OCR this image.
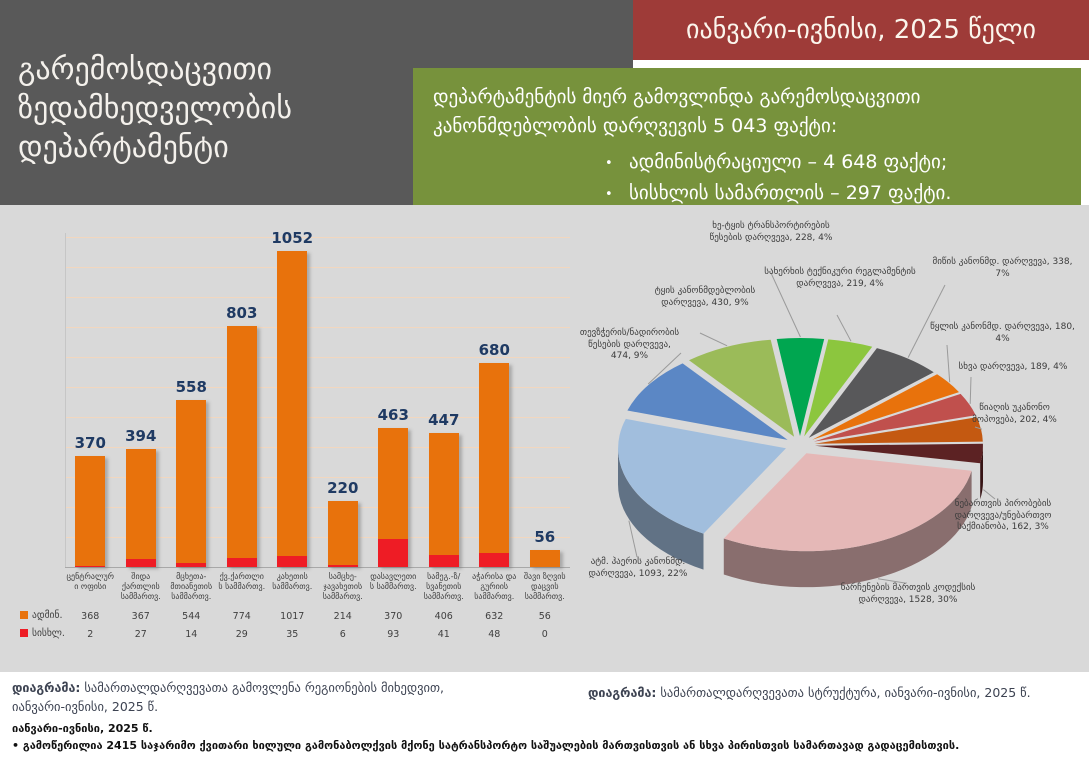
გარემოსდაცვითი
ზედამხედველობის
დეპარტამენტი
იანვარი-ივნისი, 2025 წელი

დეპარტამენტის მიერ გამოვლინდა გარემოსდაცვითი კანონმდებლობის დარღვევის 5 043 ფაქტი:

• ადმინისტრაციული – 4 648 ფაქტი;
• სისხლის სამართლის – 297 ფაქტი.
370
ცენტრალური ოფისი
368
2
394
შიდა ქართლის სამმართვ.
367
27
558
მცხეთა-მთიანეთის სამმართვ.
544
14
803
ქვ.ქართლის სამმართვ.
774
29
1052
კახეთის სამმართვ.
1017
35
220
სამცხე-ჯავახეთის სამმართვ.
214
6
463
დასავლეთის სამმართვ.
370
93
447
სამეგ.-ზ/სვანეთის სამმართვ.
406
41
680
აჭარისა და გურიის სამმართვ.
632
48
56
შავი ზღვის დაცვის სამმართვ.
56
0
ადმინ.
სისხლ.
ხე-ტყის ტრანსპორტირების წესების დარღვევა, 228, 4%
სახერხის ტექნიკური რეგლამენტის დარღვევა, 219, 4%
მიწის კანონმდ. დარღვევა, 338, 7%
წყლის კანონმდ. დარღვევა, 180, 4%
სხვა დარღვევა, 189, 4%
წიაღის უკანონო მოპოვება, 202, 4%
ნებართვის პირობების დარღვევა/უნებართვო საქმიანობა, 162, 3%
ნარჩენების მართვის კოდექსის დარღვევა, 1528, 30%
ატმ. ჰაერის კანონმდ. დარღვევა, 1093, 22%
თევზჭერის/ნადირობის წესების დარღვევა, 474, 9%
ტყის კანონმდებლობის დარღვევა, 430, 9%

დიაგრამა: სამართალდარღვევათა გამოვლენა რეგიონების მიხედვით, იანვარი-ივნისი, 2025 წ.

დიაგრამა: სამართალდარღვევათა სტრუქტურა, იანვარი-ივნისი, 2025 წ.

იანვარი-ივნისი, 2025 წ.

• გამოწერილია 2415 საჯარიმო ქვითარი ხილული გამონაბოლქვის მქონე სატრანსპორტო საშუალების მართვისთვის ან სხვა პირისთვის სამართავად გადაცემისთვის.
